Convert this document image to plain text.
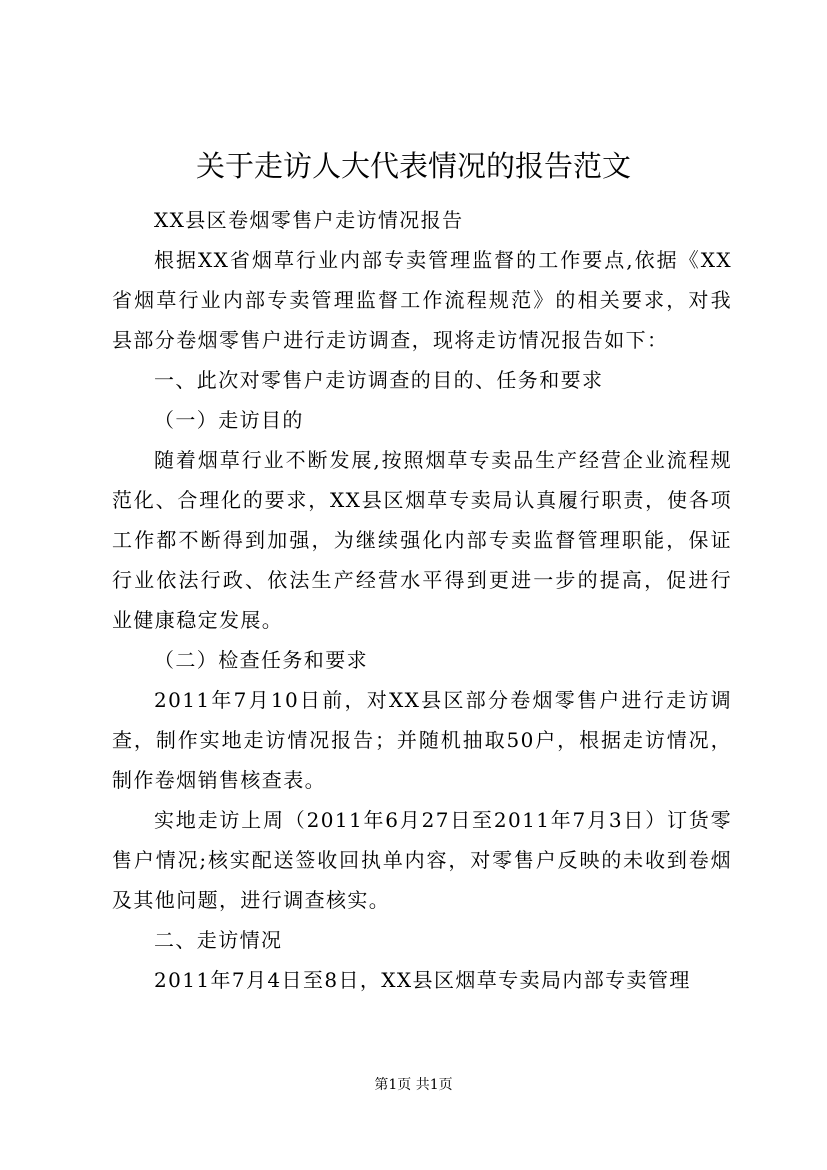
关于走访人大代表情况的报告范文

XX县区卷烟零售户走访情况报告

根据XX省烟草行业内部专卖管理监督的工作要点,依据《XX省烟草行业内部专卖管理监督工作流程规范》的相关要求，对我县部分卷烟零售户进行走访调查，现将走访情况报告如下：

一、此次对零售户走访调查的目的、任务和要求

（一）走访目的

随着烟草行业不断发展,按照烟草专卖品生产经营企业流程规范化、合理化的要求，XX县区烟草专卖局认真履行职责，使各项工作都不断得到加强，为继续强化内部专卖监督管理职能，保证行业依法行政、依法生产经营水平得到更进一步的提高，促进行业健康稳定发展。

（二）检查任务和要求

2011年7月10日前，对XX县区部分卷烟零售户进行走访调查，制作实地走访情况报告；并随机抽取50户，根据走访情况，制作卷烟销售核查表。

实地走访上周（2011年6月27日至2011年7月3日）订货零售户情况;核实配送签收回执单内容，对零售户反映的未收到卷烟及其他问题，进行调查核实。

二、走访情况

2011年7月4日至8日，XX县区烟草专卖局内部专卖管理

第1页 共1页
